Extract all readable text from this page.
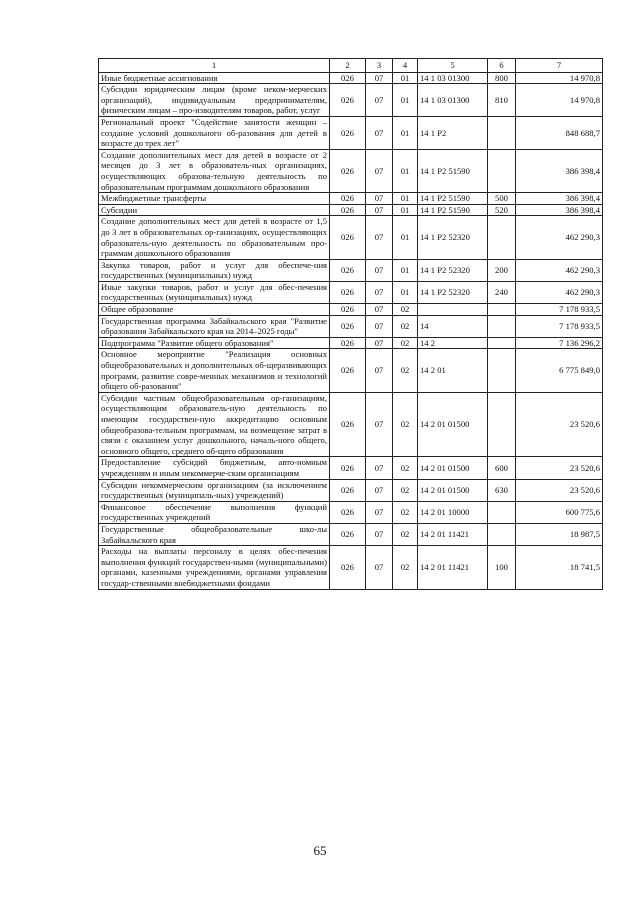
1	2	3	4	5	6	7
Иные бюджетные ассигнования	026	07	01	14 1 03 01300	800	14 970,8
Субсидии юридическим лицам (кроме неком-мерческих организаций), индивидуальным предпринимателям, физическим лицам – про-изводителям товаров, работ, услуг	026	07	01	14 1 03 01300	810	14 970,8
Региональный проект "Содействие занятости женщин – создание условий дошкольного об-разования для детей в возрасте до трех лет"	026	07	01	14 1 P2		848 688,7
Создание дополнительных мест для детей в возрасте от 2 месяцев до 3 лет в образователь-ных организациях, осуществляющих образова-тельную деятельность по образовательным программам дошкольного образования	026	07	01	14 1 P2 51590		386 398,4
Межбюджетные трансферты	026	07	01	14 1 P2 51590	500	386 398,4
Субсидии	026	07	01	14 1 P2 51590	520	386 398,4
Создание дополнительных мест для детей в возрасте от 1,5 до 3 лет в образовательных ор-ганизациях, осуществляющих образователь-ную деятельность по образовательным про-граммам дошкольного образования	026	07	01	14 1 P2 52320		462 290,3
Закупка товаров, работ и услуг для обеспече-ния государственных (муниципальных) нужд	026	07	01	14 1 P2 52320	200	462 290,3
Иные закупки товаров, работ и услуг для обес-печения государственных (муниципальных) нужд	026	07	01	14 1 P2 52320	240	462 290,3
Общее образование	026	07	02			7 178 933,5
Государственная программа Забайкальского края "Развитие образования Забайкальского края на 2014–2025 годы"	026	07	02	14		7 178 933,5
Подпрограмма "Развитие общего образования"	026	07	02	14 2		7 136 296,2
Основное мероприятие "Реализация основных общеобразовательных и дополнительных об-щеразвивающих программ, развитие совре-менных механизмов и технологий общего об-разования"	026	07	02	14 2 01		6 775 849,0
Субсидии частным общеобразовательным ор-ганизациям, осуществляющим образователь-ную деятельность по имеющим государствен-ную аккредитацию основным общеобразова-тельным программам, на возмещение затрат в связи с оказанием услуг дошкольного, началь-ного общего, основного общего, среднего об-щего образования	026	07	02	14 2 01 01500		23 520,6
Предоставление субсидий бюджетным, авто-номным учреждениям и иным некоммерче-ским организациям	026	07	02	14 2 01 01500	600	23 520,6
Субсидии некоммерческим организациям (за исключением государственных (муниципаль-ных) учреждений)	026	07	02	14 2 01 01500	630	23 520,6
Финансовое обеспечение выполнения функций государственных учреждений	026	07	02	14 2 01 10000		600 775,6
Государственные общеобразовательные шко-лы Забайкальского края	026	07	02	14 2 01 11421		18 987,5
Расходы на выплаты персоналу в целях обес-печения выполнения функций государствен-ными (муниципальными) органами, казенными учреждениями, органами управления государ-ственными внебюджетными фондами	026	07	02	14 2 01 11421	100	18 741,5
65
